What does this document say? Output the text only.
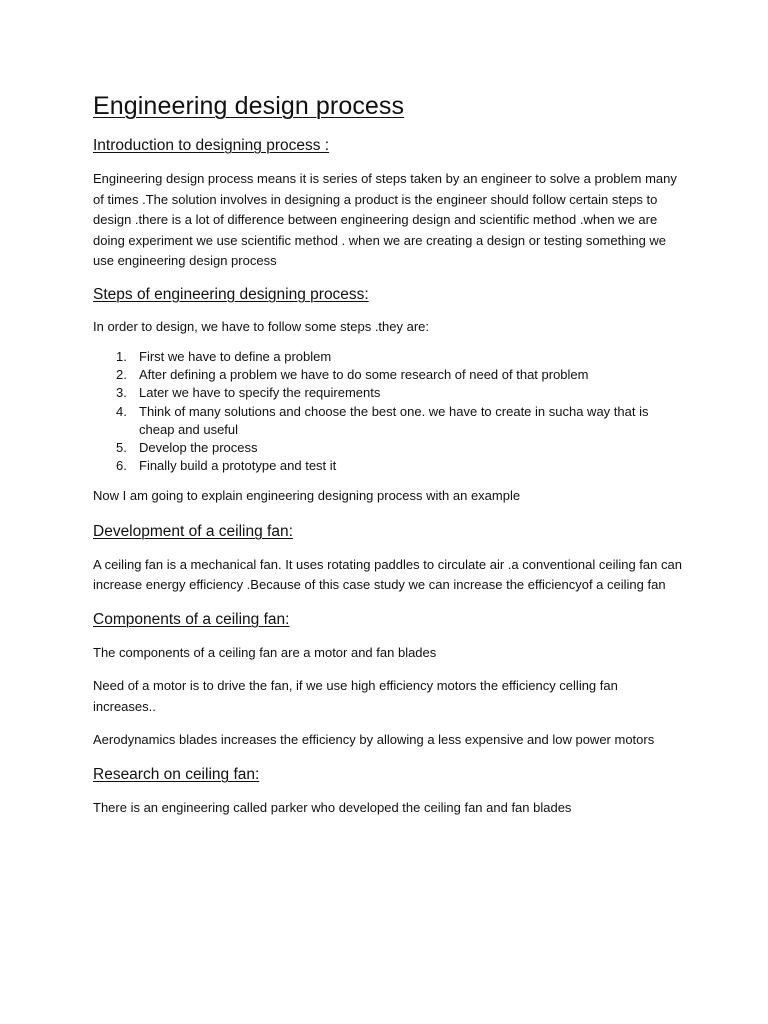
Engineering design process
Introduction to designing process :

Engineering design process means it is series of steps taken by an engineer to solve a problem many of times .The solution involves in designing a product is the engineer should follow certain steps to design .there is a lot of difference between engineering design and scientific method .when we are doing experiment we use scientific method . when we are creating a design or testing something we use engineering design process

Steps of engineering designing process:

In order to design, we have to follow some steps .they are:

1. First we have to define a problem
2. After defining a problem we have to do some research of need of that problem
3. Later we have to specify the requirements
4. Think of many solutions and choose the best one. we have to create in sucha way that is cheap and useful
5. Develop the process
6. Finally build a prototype and test it

Now I am going to explain engineering designing process with an example

Development of a ceiling fan:

A ceiling fan is a mechanical fan. It uses rotating paddles to circulate air .a conventional ceiling fan can increase energy efficiency .Because of this case study we can increase the efficiencyof a ceiling fan

Components of a ceiling fan:

The components of a ceiling fan are a motor and fan blades

Need of a motor is to drive the fan, if we use high efficiency motors the efficiency celling fan increases..

Aerodynamics blades increases the efficiency by allowing a less expensive and low power motors

Research on ceiling fan:

There is an engineering called parker who developed the ceiling fan and fan blades
